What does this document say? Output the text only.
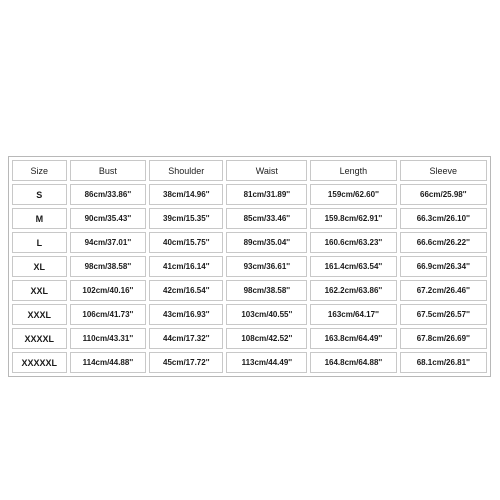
Size	Bust	Shoulder	Waist	Length	Sleeve
S	86cm/33.86''	38cm/14.96''	81cm/31.89''	159cm/62.60''	66cm/25.98''
M	90cm/35.43''	39cm/15.35''	85cm/33.46''	159.8cm/62.91''	66.3cm/26.10''
L	94cm/37.01''	40cm/15.75''	89cm/35.04''	160.6cm/63.23''	66.6cm/26.22''
XL	98cm/38.58''	41cm/16.14''	93cm/36.61''	161.4cm/63.54''	66.9cm/26.34''
XXL	102cm/40.16''	42cm/16.54''	98cm/38.58''	162.2cm/63.86''	67.2cm/26.46''
XXXL	106cm/41.73''	43cm/16.93''	103cm/40.55''	163cm/64.17''	67.5cm/26.57''
XXXXL	110cm/43.31''	44cm/17.32''	108cm/42.52''	163.8cm/64.49''	67.8cm/26.69''
XXXXXL	114cm/44.88''	45cm/17.72''	113cm/44.49''	164.8cm/64.88''	68.1cm/26.81''
